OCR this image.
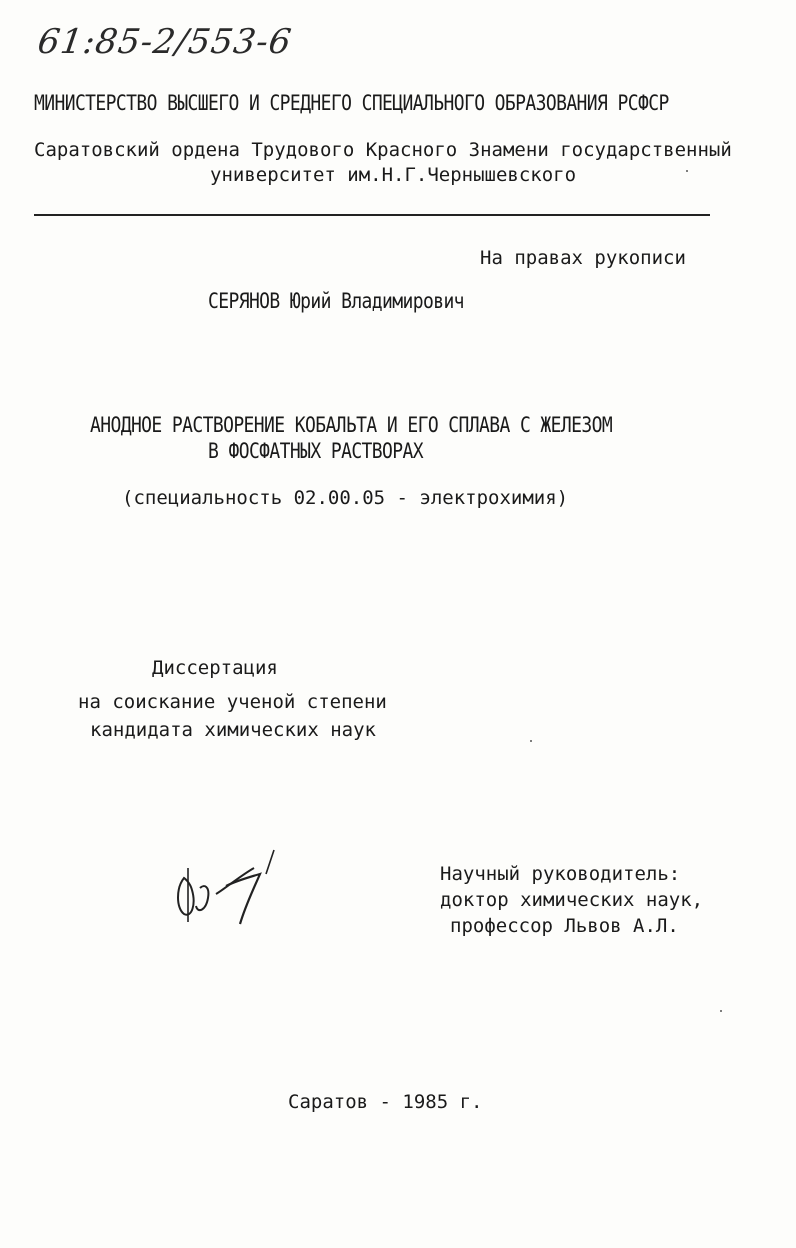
61:85-2/553-6
МИНИСТЕРСТВО ВЫСШЕГО И СРЕДНЕГО СПЕЦИАЛЬНОГО ОБРАЗОВАНИЯ РСФСР
Саратовский ордена Трудового Красного Знамени государственный
университет им.Н.Г.Чернышевского
На правах рукописи
СЕРЯНОВ Юрий Владимирович
АНОДНОЕ РАСТВОРЕНИЕ КОБАЛЬТА И ЕГО СПЛАВА С ЖЕЛЕЗОМ
В ФОСФАТНЫХ РАСТВОРАХ
(специальность 02.00.05 - электрохимия)
Диссертация
на соискание ученой степени
кандидата химических наук
Научный руководитель:
доктор химических наук,
профессор Львов А.Л.
Саратов - 1985 г.
